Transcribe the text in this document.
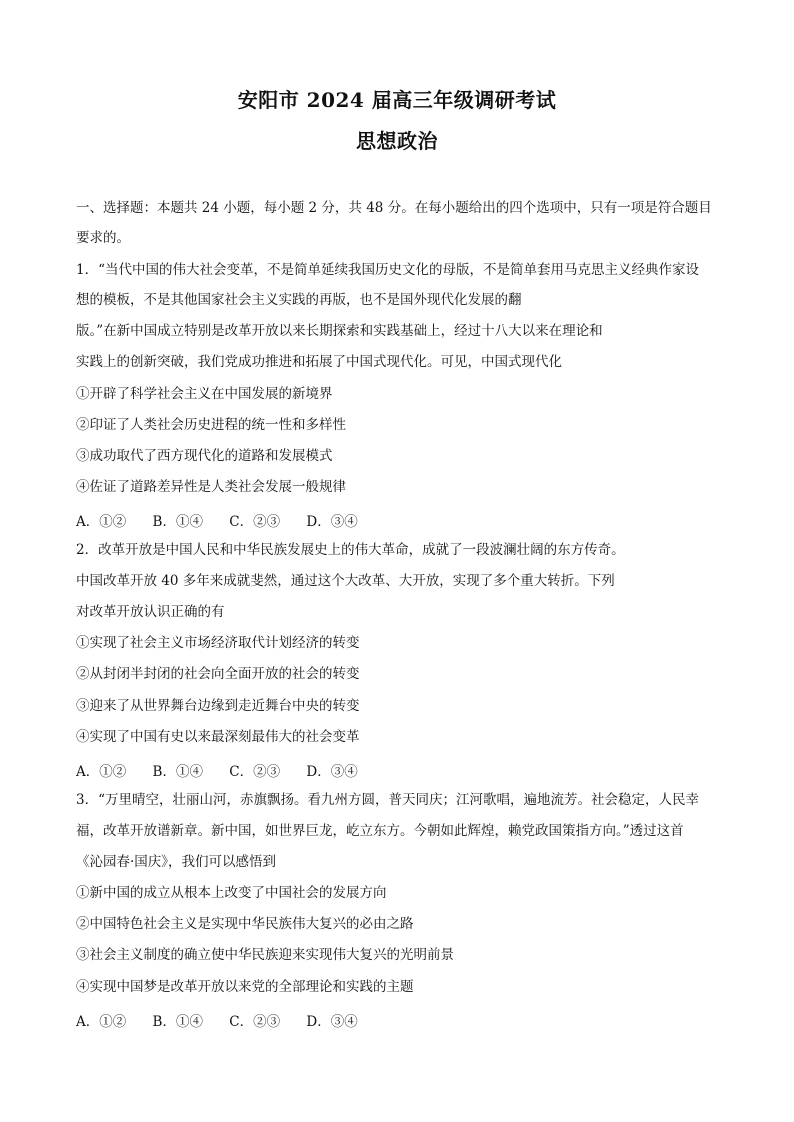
安阳市 2024 届高三年级调研考试
思想政治
一、选择题：本题共 24 小题，每小题 2 分，共 48 分。在每小题给出的四个选项中，只有一项是符合题目
要求的。
1．“当代中国的伟大社会变革，不是简单延续我国历史文化的母版，不是简单套用马克思主义经典作家设
想的模板，不是其他国家社会主义实践的再版，也不是国外现代化发展的翻
版。”在新中国成立特别是改革开放以来长期探索和实践基础上，经过十八大以来在理论和
实践上的创新突破，我们党成功推进和拓展了中国式现代化。可见，中国式现代化
①开辟了科学社会主义在中国发展的新境界
②印证了人类社会历史进程的统一性和多样性
③成功取代了西方现代化的道路和发展模式
④佐证了道路差异性是人类社会发展一般规律
A．①② B．①④ C．②③ D．③④
2．改革开放是中国人民和中华民族发展史上的伟大革命，成就了一段波澜壮阔的东方传奇。
中国改革开放 40 多年来成就斐然，通过这个大改革、大开放，实现了多个重大转折。下列
对改革开放认识正确的有
①实现了社会主义市场经济取代计划经济的转变
②从封闭半封闭的社会向全面开放的社会的转变
③迎来了从世界舞台边缘到走近舞台中央的转变
④实现了中国有史以来最深刻最伟大的社会变革
A．①② B．①④ C．②③ D．③④
3．“万里晴空，壮丽山河，赤旗飘扬。看九州方圆，普天同庆；江河歌唱，遍地流芳。社会稳定，人民幸
福，改革开放谱新章。新中国，如世界巨龙，屹立东方。今朝如此辉煌，赖党政国策指方向。”透过这首
《沁园春·国庆》，我们可以感悟到
①新中国的成立从根本上改变了中国社会的发展方向
②中国特色社会主义是实现中华民族伟大复兴的必由之路
③社会主义制度的确立使中华民族迎来实现伟大复兴的光明前景
④实现中国梦是改革开放以来党的全部理论和实践的主题
A．①② B．①④ C．②③ D．③④
